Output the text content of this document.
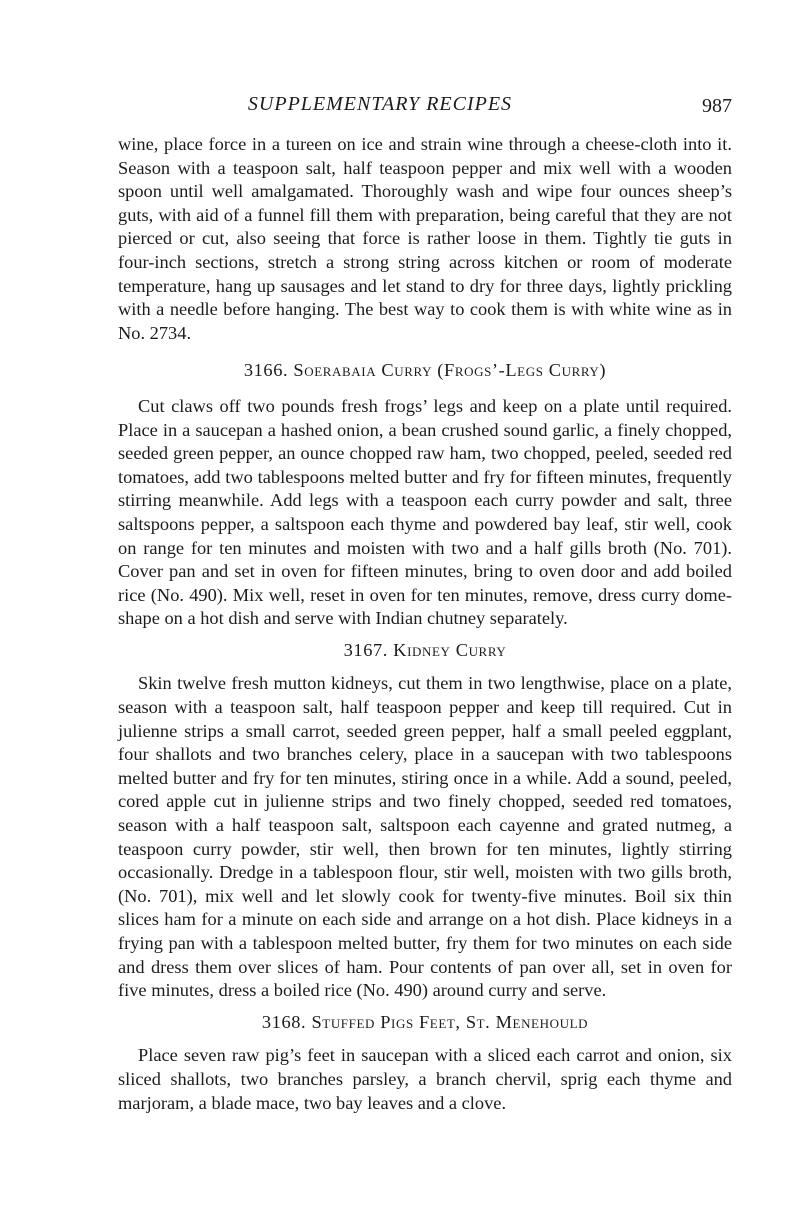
SUPPLEMENTARY RECIPES	987

wine, place force in a tureen on ice and strain wine through a cheese-cloth into it. Season with a teaspoon salt, half teaspoon pepper and mix well with a wooden spoon until well amalgamated. Thoroughly wash and wipe four ounces sheep’s guts, with aid of a funnel fill them with preparation, being careful that they are not pierced or cut, also seeing that force is rather loose in them. Tightly tie guts in four-inch sections, stretch a strong string across kitchen or room of moderate temperature, hang up sausages and let stand to dry for three days, lightly prickling with a needle before hanging. The best way to cook them is with white wine as in No. 2734.

3166. Soerabaia Curry (Frogs’-Legs Curry)

Cut claws off two pounds fresh frogs’ legs and keep on a plate until required. Place in a saucepan a hashed onion, a bean crushed sound garlic, a finely chopped, seeded green pepper, an ounce chopped raw ham, two chopped, peeled, seeded red tomatoes, add two tablespoons melted butter and fry for fifteen minutes, frequently stirring meanwhile. Add legs with a teaspoon each curry powder and salt, three saltspoons pepper, a saltspoon each thyme and powdered bay leaf, stir well, cook on range for ten minutes and moisten with two and a half gills broth (No. 701). Cover pan and set in oven for fifteen minutes, bring to oven door and add boiled rice (No. 490). Mix well, reset in oven for ten minutes, remove, dress curry dome-shape on a hot dish and serve with Indian chutney separately.

3167. Kidney Curry

Skin twelve fresh mutton kidneys, cut them in two lengthwise, place on a plate, season with a teaspoon salt, half teaspoon pepper and keep till required. Cut in julienne strips a small carrot, seeded green pepper, half a small peeled eggplant, four shallots and two branches celery, place in a saucepan with two tablespoons melted butter and fry for ten minutes, stiring once in a while. Add a sound, peeled, cored apple cut in julienne strips and two finely chopped, seeded red tomatoes, season with a half teaspoon salt, saltspoon each cayenne and grated nutmeg, a teaspoon curry powder, stir well, then brown for ten minutes, lightly stirring occasionally. Dredge in a tablespoon flour, stir well, moisten with two gills broth, (No. 701), mix well and let slowly cook for twenty-five minutes. Boil six thin slices ham for a minute on each side and arrange on a hot dish. Place kidneys in a frying pan with a tablespoon melted butter, fry them for two minutes on each side and dress them over slices of ham. Pour contents of pan over all, set in oven for five minutes, dress a boiled rice (No. 490) around curry and serve.

3168. Stuffed Pigs Feet, St. Menehould

Place seven raw pig’s feet in saucepan with a sliced each carrot and onion, six sliced shallots, two branches parsley, a branch chervil, sprig each thyme and marjoram, a blade mace, two bay leaves and a clove.
